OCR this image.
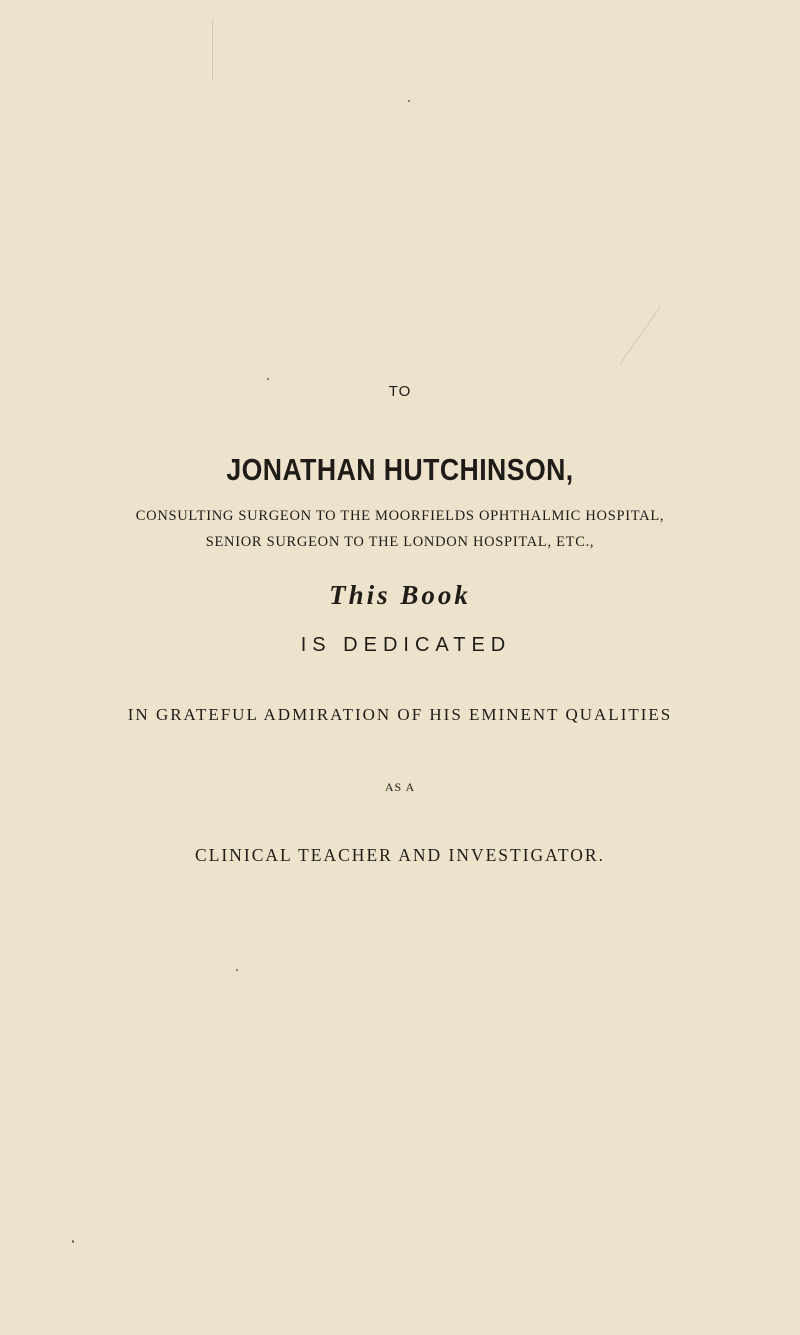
TO
JONATHAN HUTCHINSON,
CONSULTING SURGEON TO THE MOORFIELDS OPHTHALMIC HOSPITAL,
SENIOR SURGEON TO THE LONDON HOSPITAL, ETC.,
This Book
IS DEDICATED
IN GRATEFUL ADMIRATION OF HIS EMINENT QUALITIES
AS A
CLINICAL TEACHER AND INVESTIGATOR.
